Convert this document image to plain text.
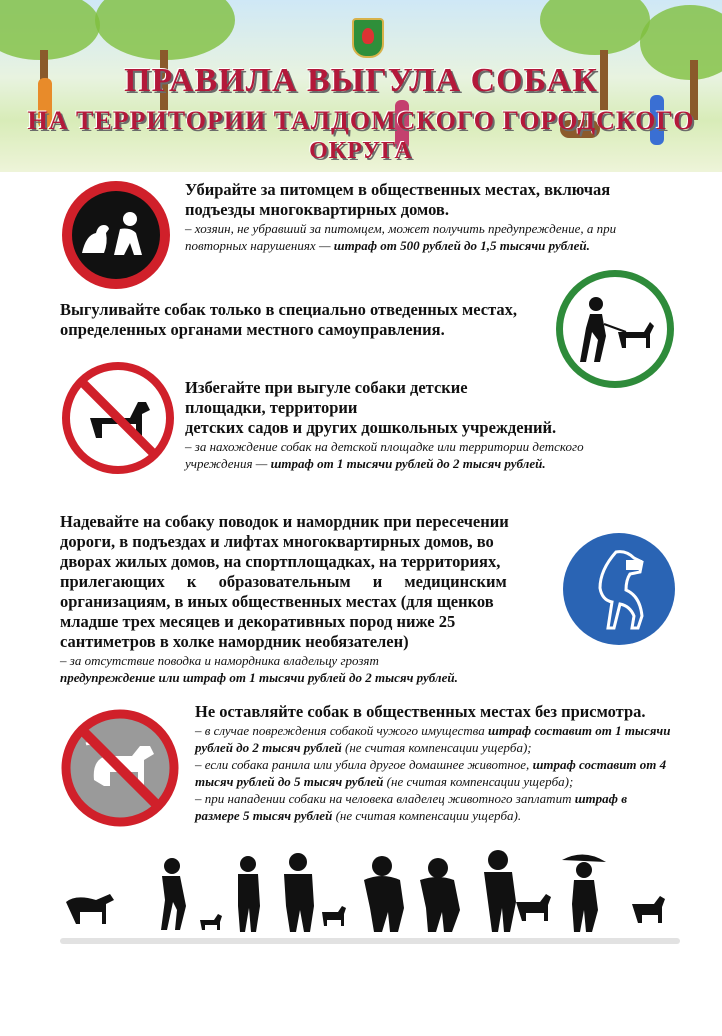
ПРАВИЛА ВЫГУЛА СОБАК
НА ТЕРРИТОРИИ ТАЛДОМСКОГО ГОРОДСКОГО
ОКРУГА
Убирайте за питомцем в общественных местах, включая
подъезды многоквартирных домов.
– хозяин, не убравший за питомцем, может получить предупреждение, а при
повторных нарушениях — штраф от 500 рублей до 1,5 тысячи рублей.
Выгуливайте собак только в специально отведенных местах,
определенных органами местного самоуправления.
Избегайте при выгуле собаки детские
площадки, территории
детских садов и других дошкольных учреждений.
– за нахождение собак на детской площадке или территории детского
учреждения — штраф от 1 тысячи рублей до 2 тысяч рублей.
Надевайте на собаку поводок и намордник при пересечении
дороги, в подъездах и лифтах многоквартирных домов, во
дворах жилых домов, на спортплощадках, на территориях,
прилегающих к образовательным и медицинским
организациям, в иных общественных местах (для щенков
младше трех месяцев и декоративных пород ниже 25
сантиметров в холке намордник необязателен)
– за отсутствие поводка и намордника владельцу грозят
предупреждение или штраф от 1 тысячи рублей до 2 тысяч рублей.
Не оставляйте собак в общественных местах без присмотра.
– в случае повреждения собакой чужого имущества штраф составит от 1 тысячи рублей до 2 тысяч рублей (не считая компенсации ущерба);
– если собака ранила или убила другое домашнее животное, штраф составит от 4 тысяч рублей до 5 тысяч рублей (не считая компенсации ущерба);
– при нападении собаки на человека владелец животного заплатит штраф в размере 5 тысяч рублей (не считая компенсации ущерба).
